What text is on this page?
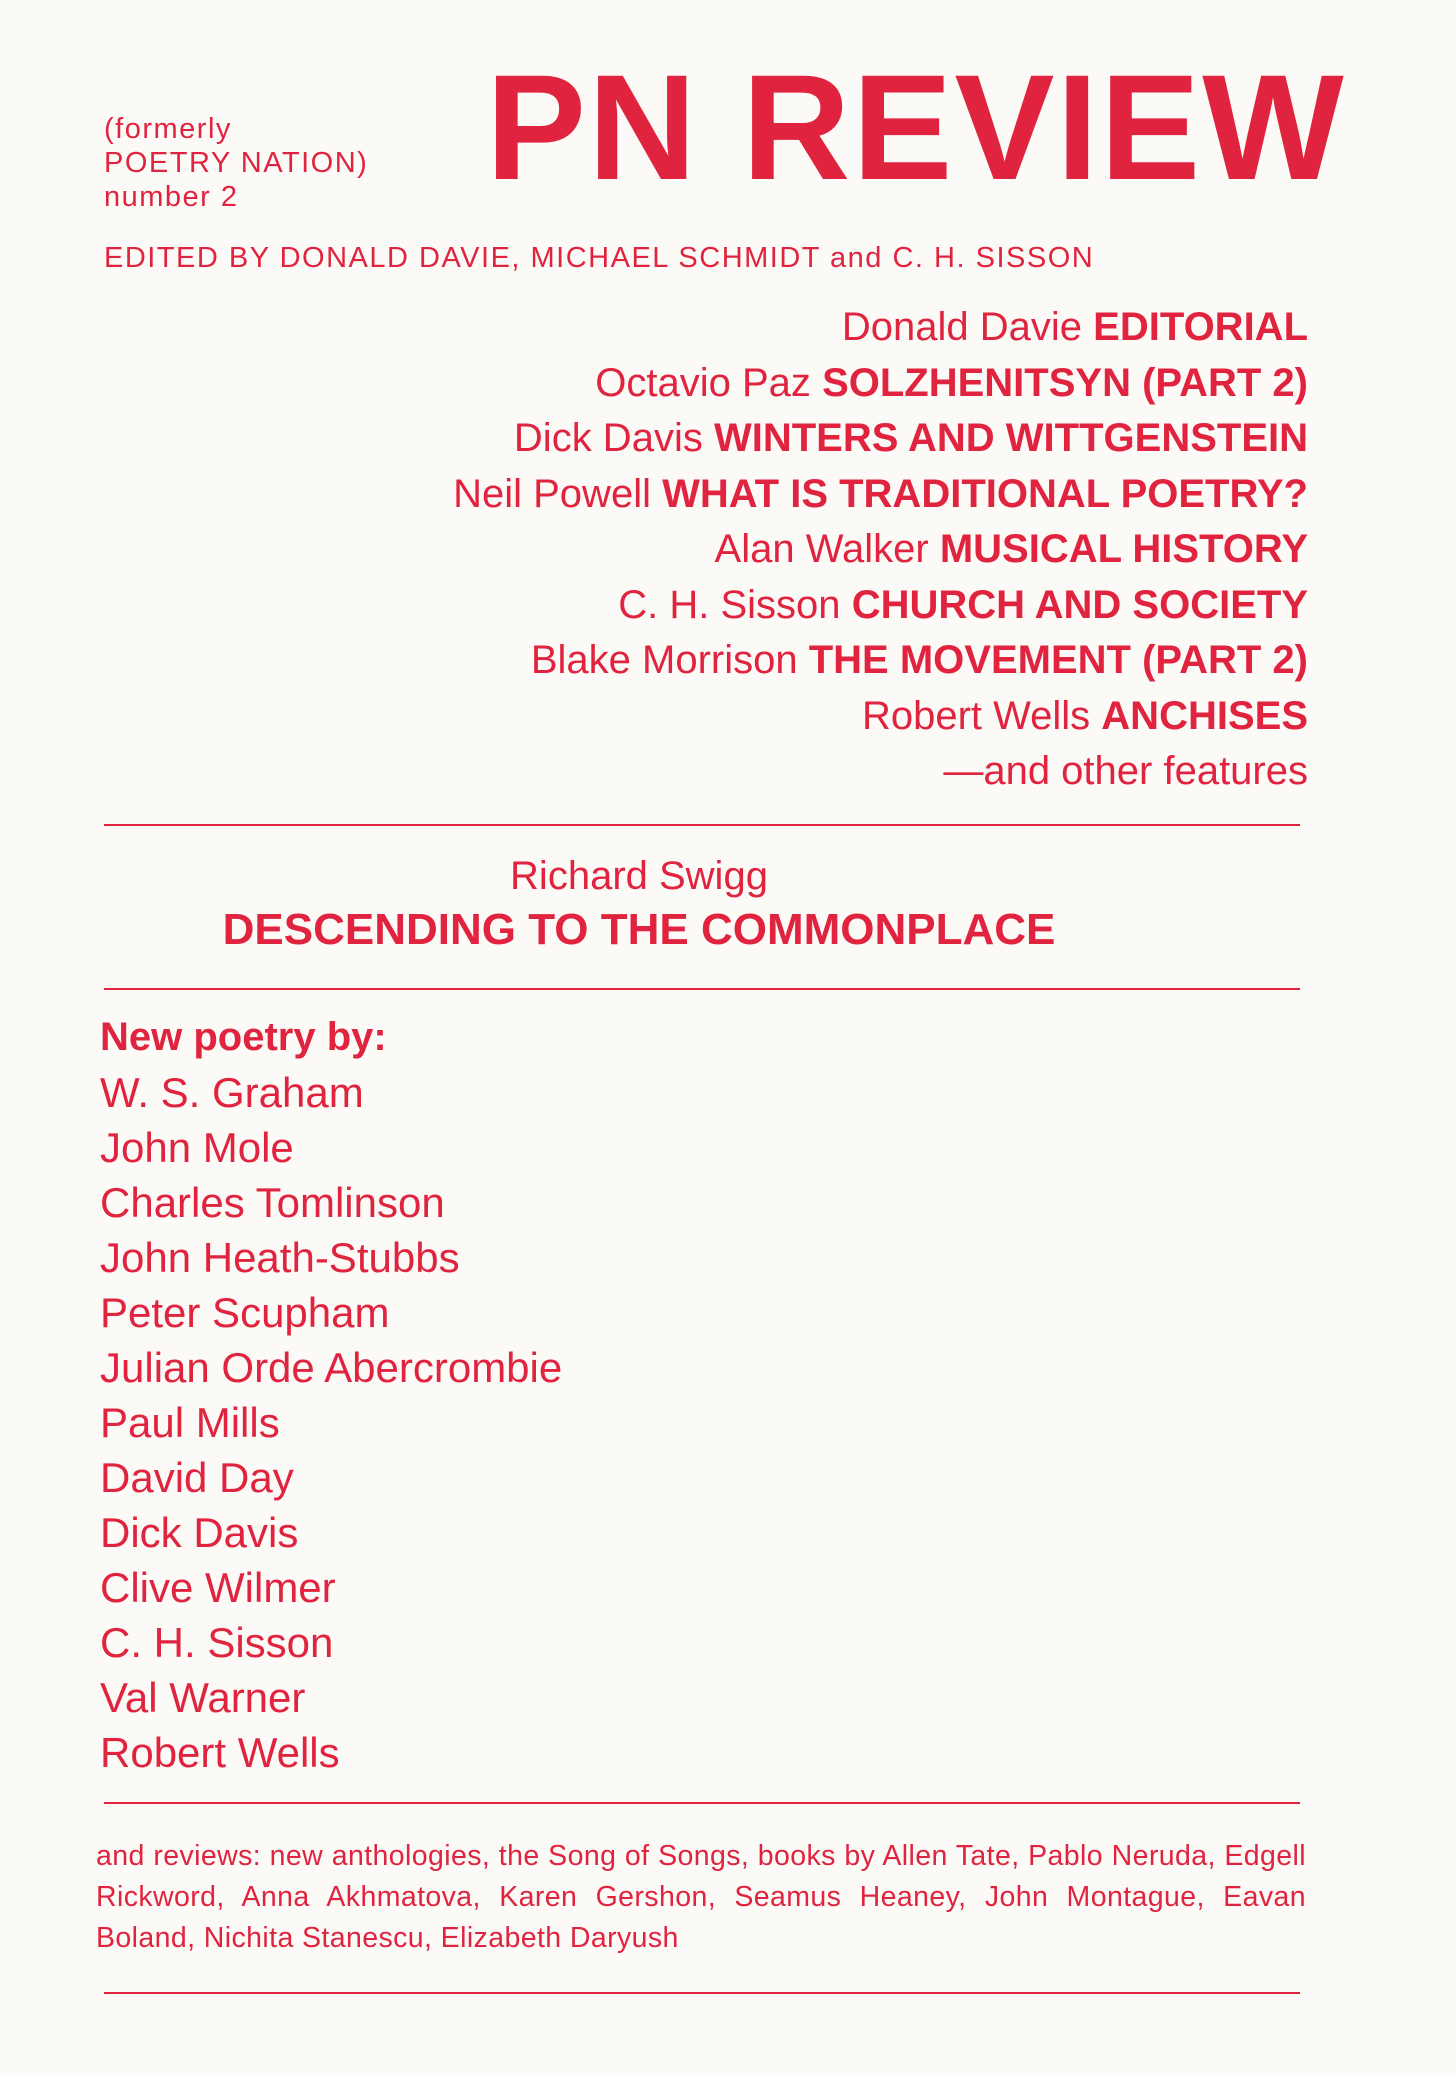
(formerly
POETRY NATION)
number 2	PN REVIEW
EDITED BY DONALD DAVIE, MICHAEL SCHMIDT and C. H. SISSON
Donald Davie EDITORIAL
Octavio Paz SOLZHENITSYN (PART 2)
Dick Davis WINTERS AND WITTGENSTEIN
Neil Powell WHAT IS TRADITIONAL POETRY?
Alan Walker MUSICAL HISTORY
C. H. Sisson CHURCH AND SOCIETY
Blake Morrison THE MOVEMENT (PART 2)
Robert Wells ANCHISES
—and other features
Richard Swigg
DESCENDING TO THE COMMONPLACE
New poetry by:
W. S. Graham
John Mole
Charles Tomlinson
John Heath-Stubbs
Peter Scupham
Julian Orde Abercrombie
Paul Mills
David Day
Dick Davis
Clive Wilmer
C. H. Sisson
Val Warner
Robert Wells
and reviews: new anthologies, the Song of Songs, books by Allen Tate, Pablo Neruda, Edgell Rickword, Anna Akhmatova, Karen Gershon, Seamus Heaney, John Montague, Eavan Boland, Nichita Stanescu, Elizabeth Daryush
